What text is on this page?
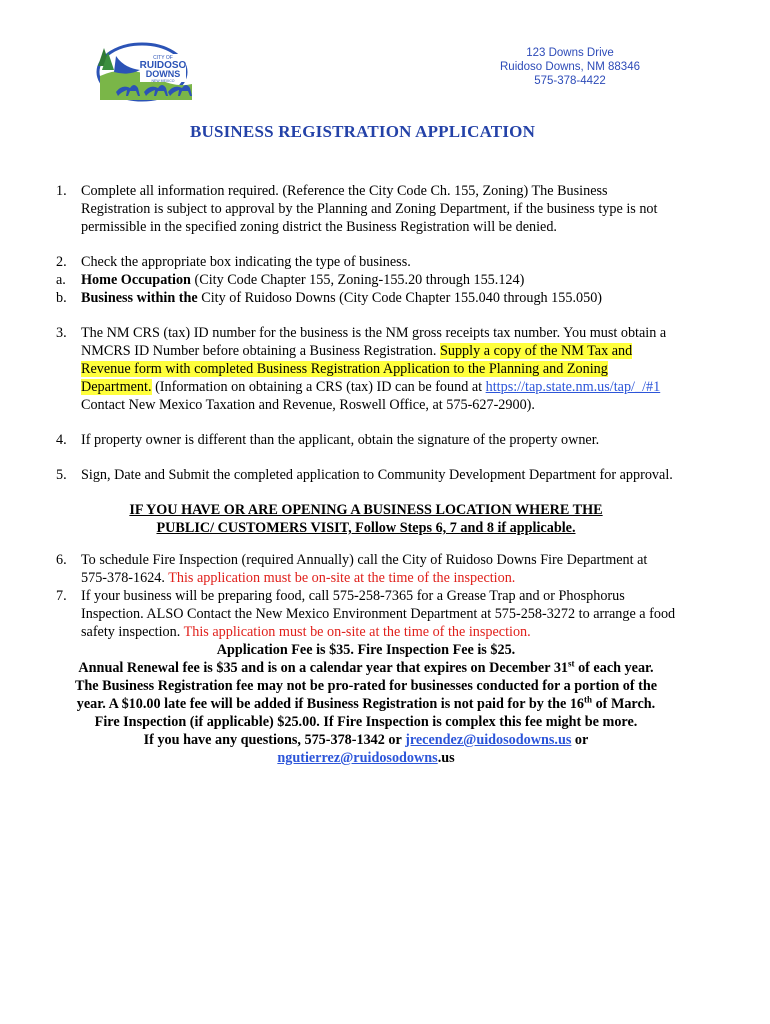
CITY OF
RUIDOSO
DOWNS
NEW MEXICO
123 Downs Drive
Ruidoso Downs, NM 88346
575-378-4422
BUSINESS REGISTRATION APPLICATION
1.	Complete all information required. (Reference the City Code Ch. 155, Zoning) The Business Registration is subject to approval by the Planning and Zoning Department, if the business type is not permissible in the specified zoning district the Business Registration will be denied.
2.	Check the appropriate box indicating the type of business.
a.	Home Occupation (City Code Chapter 155, Zoning-155.20 through 155.124)
b.	Business within the City of Ruidoso Downs (City Code Chapter 155.040 through 155.050)
3.	The NM CRS (tax) ID number for the business is the NM gross receipts tax number. You must obtain a NMCRS ID Number before obtaining a Business Registration. Supply a copy of the NM Tax and Revenue form with completed Business Registration Application to the Planning and Zoning Department. (Information on obtaining a CRS (tax) ID can be found at https://tap.state.nm.us/tap/_/#1 Contact New Mexico Taxation and Revenue, Roswell Office, at 575-627-2900).
4.	If property owner is different than the applicant, obtain the signature of the property owner.
5.	Sign, Date and Submit the completed application to Community Development Department for approval.
IF YOU HAVE OR ARE OPENING A BUSINESS LOCATION WHERE THE
PUBLIC/ CUSTOMERS VISIT, Follow Steps 6, 7 and 8 if applicable.
6.	To schedule Fire Inspection (required Annually) call the City of Ruidoso Downs Fire Department at 575-378-1624. This application must be on-site at the time of the inspection.
7.	If your business will be preparing food, call 575-258-7365 for a Grease Trap and or Phosphorus Inspection. ALSO Contact the New Mexico Environment Department at 575-258-3272 to arrange a food safety inspection. This application must be on-site at the time of the inspection.
Application Fee is $35. Fire Inspection Fee is $25.
Annual Renewal fee is $35 and is on a calendar year that expires on December 31st of each year.
The Business Registration fee may not be pro-rated for businesses conducted for a portion of the year. A $10.00 late fee will be added if Business Registration is not paid for by the 16th of March.
Fire Inspection (if applicable) $25.00. If Fire Inspection is complex this fee might be more.
If you have any questions, 575-378-1342 or jrecendez@uidosodowns.us or
ngutierrez@ruidosodowns.us
